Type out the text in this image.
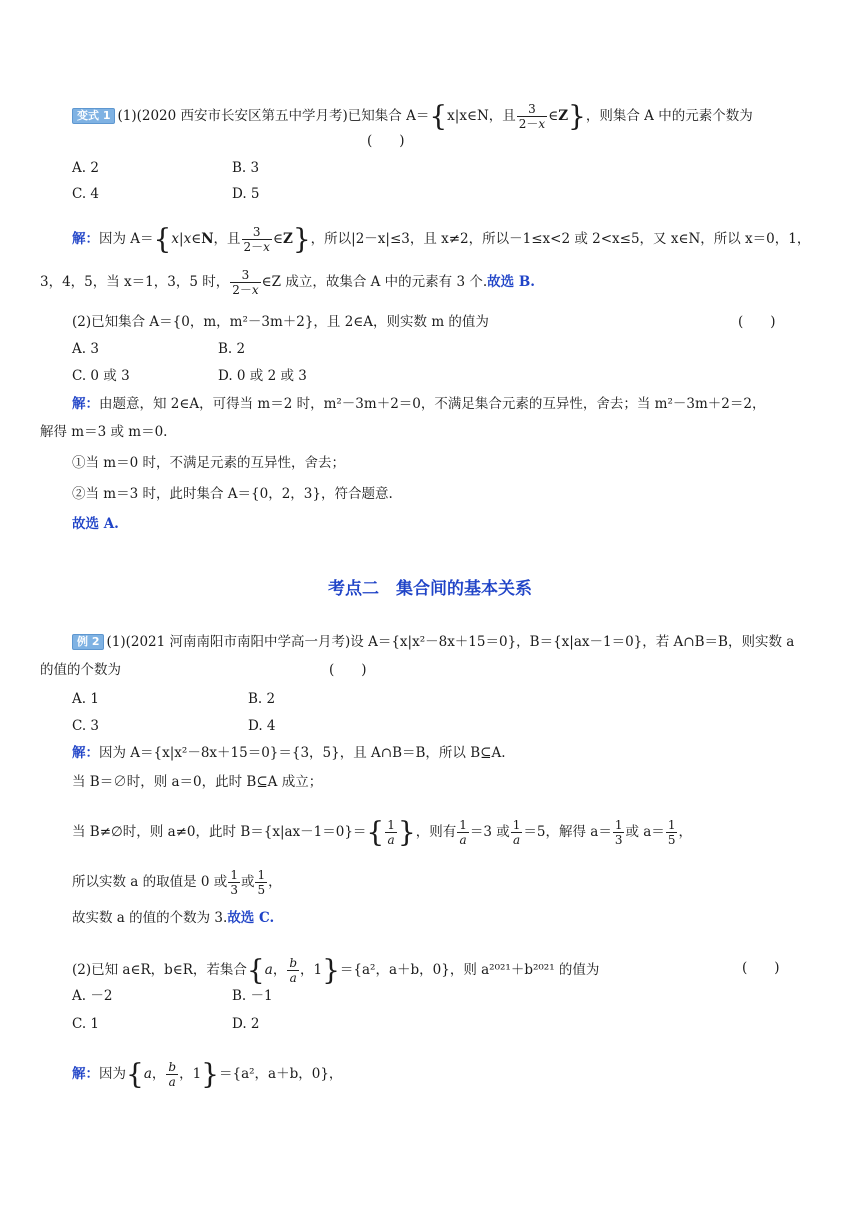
变式 1 (1)(2020 西安市长安区第五中学月考)已知集合 A＝{x|x∈N，且 $\frac{3}{2-x}$ ∈Z}，则集合 A 中的元素个数为
(　　)
A. 2	B. 3
C. 4	D. 5
解：因为 A＝{x|x∈N，且 $\frac{3}{2-x}$ ∈Z}，所以|2－x|≤3，且 x≠2，所以－1≤x<2 或 2<x≤5，又 x∈N，所以 x＝0，1，
3，4，5，当 x＝1，3，5 时， $\frac{3}{2-x}$ ∈Z 成立，故集合 A 中的元素有 3 个.故选 B.
(2)已知集合 A＝{0，m，m²－3m＋2}，且 2∈A，则实数 m 的值为	(　　)
A. 3	B. 2
C. 0 或 3	D. 0 或 2 或 3
解：由题意，知 2∈A，可得当 m＝2 时，m²－3m＋2＝0，不满足集合元素的互异性，舍去；当 m²－3m＋2＝2，
解得 m＝3 或 m＝0.
①当 m＝0 时，不满足元素的互异性，舍去；
②当 m＝3 时，此时集合 A＝{0，2，3}，符合题意.
故选 A.
考点二　集合间的基本关系
例 2 (1)(2021 河南南阳市南阳中学高一月考)设 A＝{x|x²－8x＋15＝0}，B＝{x|ax－1＝0}，若 A∩B＝B，则实数 a
的值的个数为	(　　)
A. 1	B. 2
C. 3	D. 4
解：因为 A＝{x|x²－8x＋15＝0}＝{3，5}，且 A∩B＝B，所以 B⊆A.
当 B＝∅时，则 a＝0，此时 B⊆A 成立；
当 B≠∅时，则 a≠0，此时 $B=\{x|ax-1=0\}=\{ \frac{1}{a}$ }，则有 $\frac{1}{a} =3$ 或 $\frac{1}{a} =5$，解得 $a= \frac{1}{3}$ 或 $a= \frac{1}{5}$ ，
所以实数 a 的取值是 0 或 $\frac{1}{3}$ 或 $\frac{1}{5}$ ，
故实数 a 的值的个数为 3.故选 C.
(2)已知 a∈R，b∈R，若集合{a， $\frac{b}{a}$ ，1}＝{a²，a＋b，0}，则 a²⁰²¹＋b²⁰²¹ 的值为	(　　)
A. －2	B. －1
C. 1	D. 2
解：因为{a， $\frac{b}{a}$ ，1}＝{a²，a＋b，0}，
